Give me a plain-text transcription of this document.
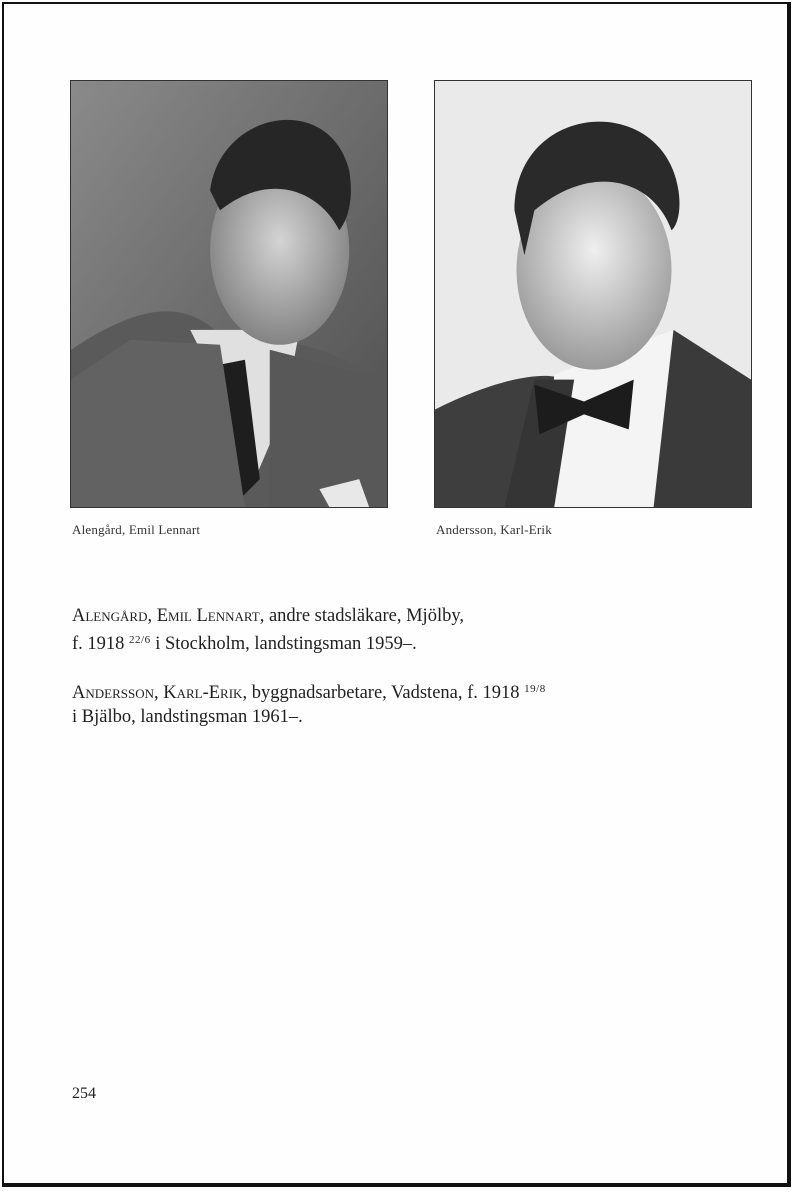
Alengård, Emil Lennart	Andersson, Karl-Erik

Alengård, Emil Lennart, andre stadsläkare, Mjölby,

f. 1918 $^{22/6}$ i Stockholm, landstingsman 1959–.

Andersson, Karl-Erik, byggnadsarbetare, Vadstena, f. 1918 $^{19/8}$

i Bjälbo, landstingsman 1961–.

254
